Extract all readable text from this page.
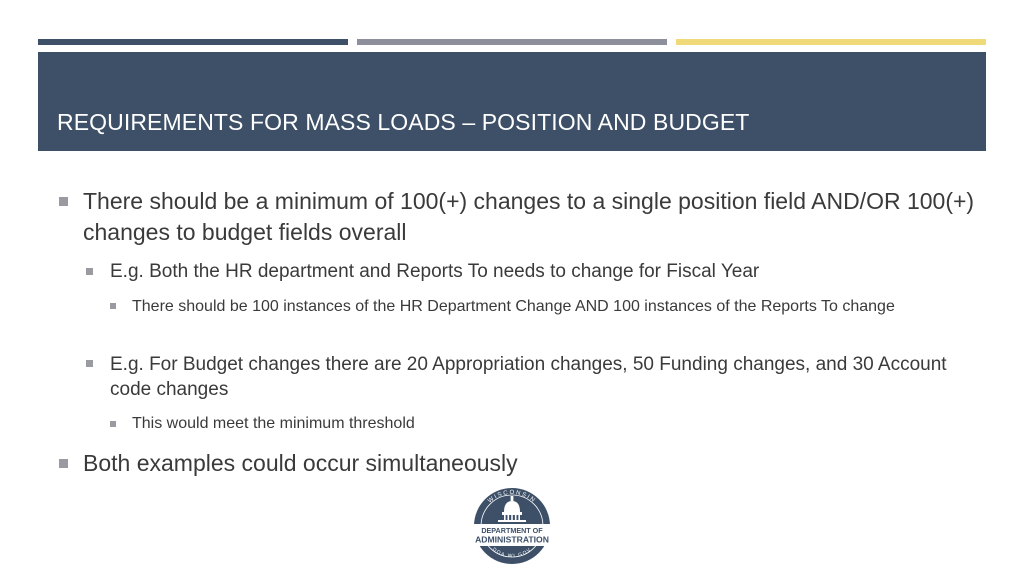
REQUIREMENTS FOR MASS LOADS – POSITION AND BUDGET
There should be a minimum of 100(+) changes to a single position field AND/OR 100(+) changes to budget fields overall
E.g. Both the HR department and Reports To needs to change for Fiscal Year
There should be 100 instances of the HR Department Change AND 100 instances of the Reports To change
E.g. For Budget changes there are 20 Appropriation changes, 50 Funding changes, and 30 Account code changes
This would meet the minimum threshold
Both examples could occur simultaneously
WISCONSIN
DEPARTMENT OF
ADMINISTRATION
DOA.WI.GOV
